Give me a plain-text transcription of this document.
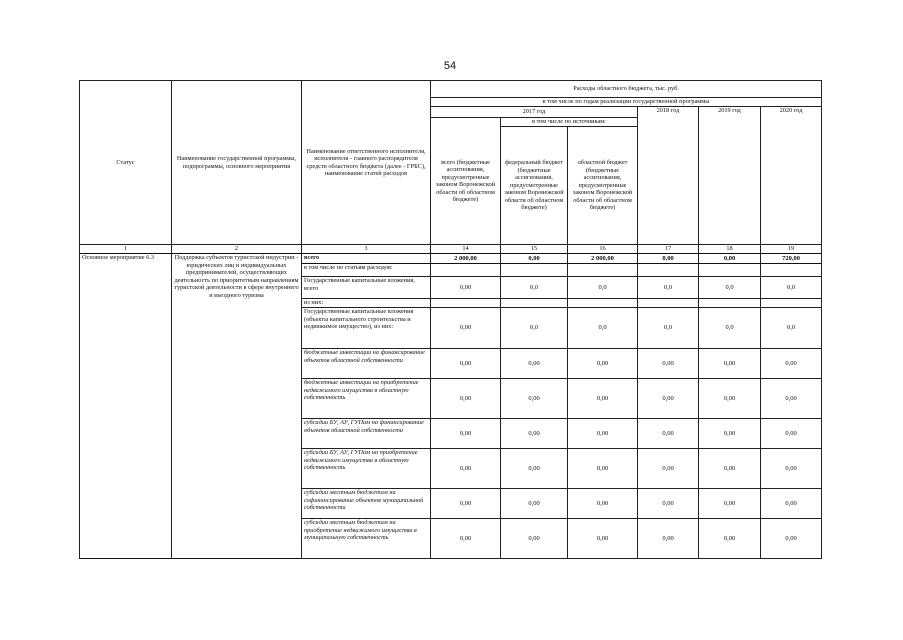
54
Статус	Наименование государственной программы, подпрограммы, основного мероприятия	Наименование ответственного исполнителя, исполнителя - главного распорядителя средств областного бюджета (далее - ГРБС), наименование статей расходов	Расходы областного бюджета, тыс. руб.					
			в том числе по годам реализации государственной программы					
			2017 год			2018 год	2019 год	2020 год
			всего (бюджетные ассигнования, предусмотренные законом Воронежской области об областном бюджете)	в том числе по источникам:				
				федеральный бюджет (бюджетные ассигнования, предусмотренные законом Воронежской области об областном бюджете)	областной бюджет (бюджетные ассигнования, предусмотренные законом Воронежской области об областном бюджете)			
1	2	3	14	15	16	17	18	19
Основное мероприятие 6.3	Поддержка субъектов туристской индустрии - юридических лиц и индивидуальных предпринимателей, осуществляющих деятельность по приоритетным направлениям туристской деятельности в сфере внутреннего и въездного туризма	всего	2 000,00	0,00	2 000,00	0,00	0,00	720,00
		в том числе по статьям расходов:						
		Государственные капитальные вложения, всего	0,00	0,0	0,0	0,0	0,0	0,0
		из них:						
		Государственные капитальные вложения (объекты капитального строительства и недвижимое имущество), из них:	0,00	0,0	0,0	0,0	0,0	0,0
		бюджетные инвестиции на финансирование объектов областной собственности	0,00	0,00	0,00	0,00	0,00	0,00
		бюджетные инвестиции на приобретение недвижимого имущества в областную собственность	0,00	0,00	0,00	0,00	0,00	0,00
		субсидии БУ, АУ, ГУПам на финансирование объектов областной собственности	0,00	0,00	0,00	0,00	0,00	0,00
		субсидии БУ, АУ, ГУПам на приобретение недвижимого имущества в областную собственность	0,00	0,00	0,00	0,00	0,00	0,00
		субсидии местным бюджетам на софинансирование объектов муниципальной собственности	0,00	0,00	0,00	0,00	0,00	0,00
		субсидии местным бюджетам на приобретение недвижимого имущества в муниципальную собственность	0,00	0,00	0,00	0,00	0,00	0,00
